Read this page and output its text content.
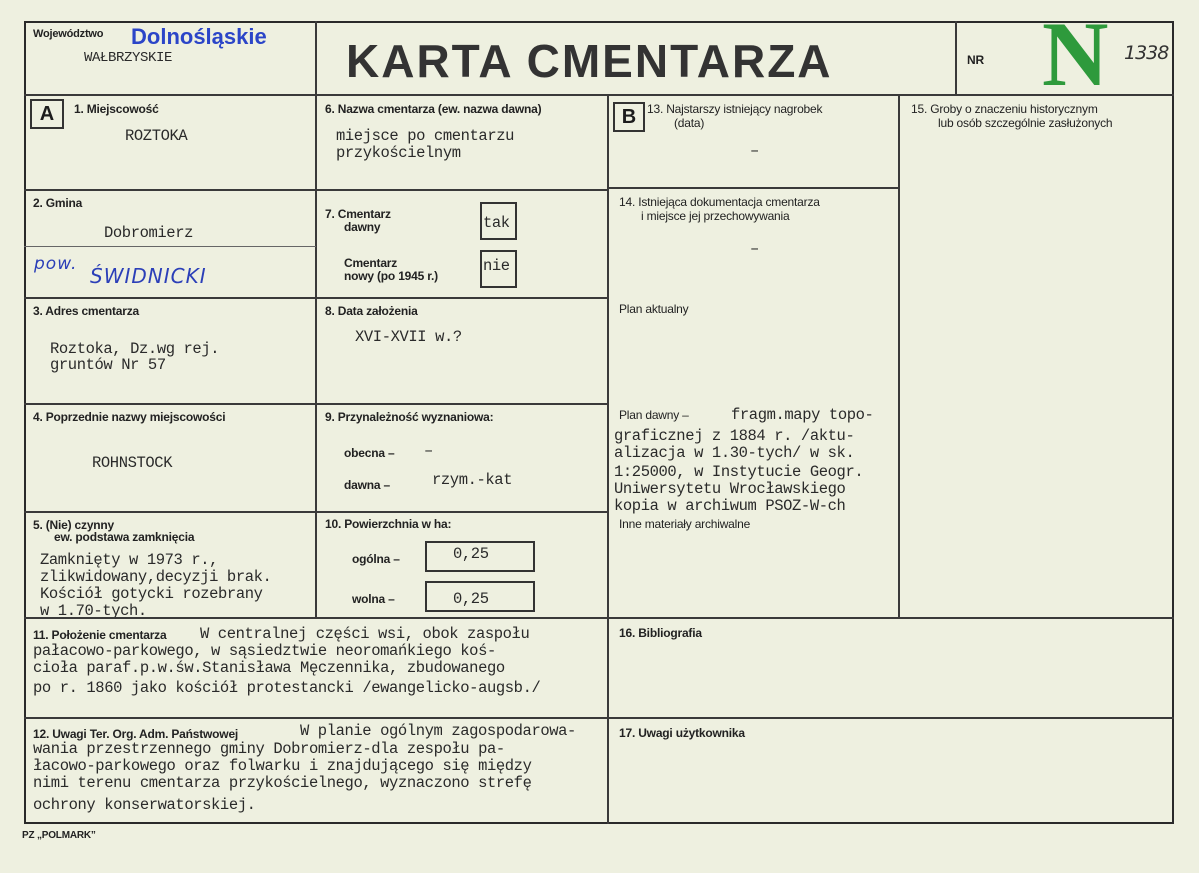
Województwo Dolnośląskie
WAŁBRZYSKIE	KARTA CMENTARZA	NR N 1338
A	1. Miejscowość
ROZTOKA
2. Gmina
Dobromierz
pow. ŚWIDNICKI
3. Adres cmentarza
Roztoka, Dz.wg rej.
gruntów Nr 57
4. Poprzednie nazwy miejscowości
ROHNSTOCK
5. (Nie) czynny
ew. podstawa zamknięcia
Zamknięty w 1973 r.,
zlikwidowany,decyzji brak.
Kościół gotycki rozebrany
w 1.70-tych.
6. Nazwa cmentarza (ew. nazwa dawna)
miejsce po cmentarzu
przykościelnym
7. Cmentarz
dawny	tak
Cmentarz
nowy (po 1945 r.)
nie
8. Data założenia
XVI-XVII w.?
9. Przynależność wyznaniowa:
obecna – –
dawna –	rzym.-kat
10. Powierzchnia w ha:
ogólna –	0,25
wolna –	0,25
B 13. Najstarszy istniejący nagrobek
(data)
–
14. Istniejąca dokumentacja cmentarza
i miejsce jej przechowywania
–
Plan aktualny
Plan dawny –	fragm.mapy topo-
graficznej z 1884 r. /aktu-
alizacja w 1.30-tych/ w sk.
1:25000, w Instytucie Geogr.
Uniwersytetu Wrocławskiego
kopia w archiwum PSOZ-W-ch
Inne materiały archiwalne
15. Groby o znaczeniu historycznym
lub osób szczególnie zasłużonych
11. Położenie cmentarza W centralnej części wsi, obok zaspołu
pałacowo-parkowego, w sąsiedztwie neoromańkiego koś-
cioła paraf.p.w.św.Stanisława Męczennika, zbudowanego
po r. 1860 jako kościół protestancki /ewangelicko-augsb./
16. Bibliografia
12. Uwagi Ter. Org. Adm. Państwowej	W planie ogólnym zagospodarowa-
wania przestrzennego gminy Dobromierz-dla zespołu pa-
łacowo-parkowego oraz folwarku i znajdującego się między
nimi terenu cmentarza przykościelnego, wyznaczono strefę
ochrony konserwatorskiej.
17. Uwagi użytkownika
PZ „POLMARK”
